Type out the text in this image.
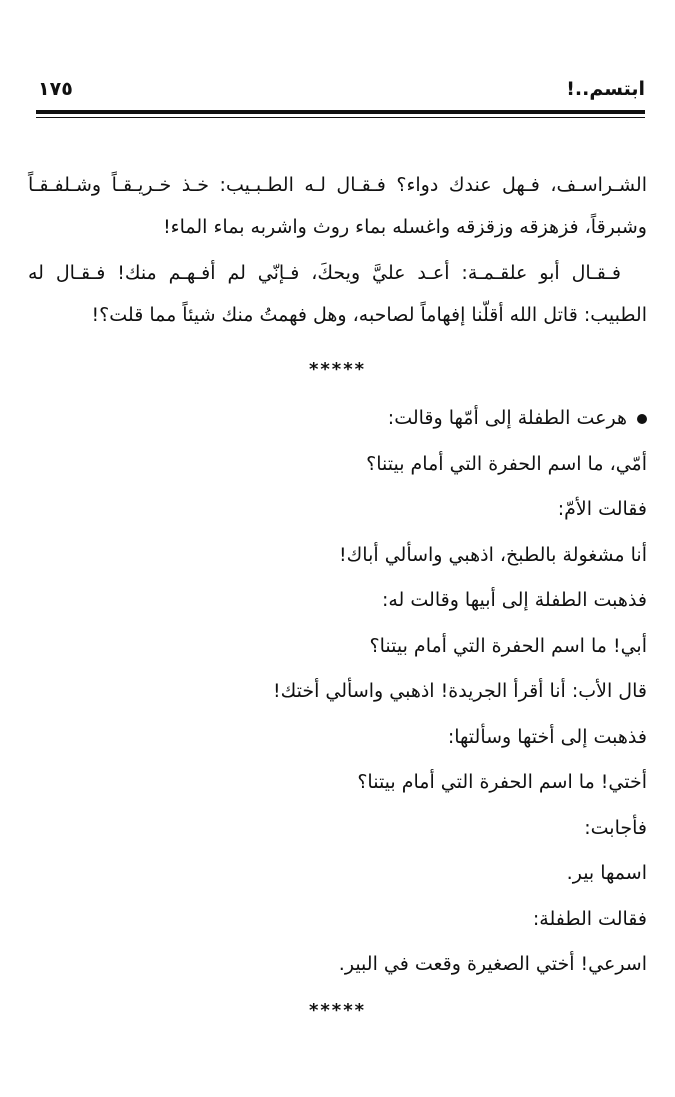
ابتسم..!
١٧٥

الشـراسـف، فـهل عندك دواء؟ فـقـال لـه الطـبـيب: خـذ خـريـقـاً وشـلفـقـاً وشبرقاً، فزهزقه وزقزقه واغسله بماء روث واشربه بماء الماء!

فـقـال أبو علقـمـة: أعـد عليَّ ويحكَ، فـإنّي لم أفـهـم منك! فـقـال له الطبيب: قاتل الله أقلّنا إفهاماً لصاحبه، وهل فهمتُ منك شيئاً مما قلت؟!

*****

هرعت الطفلة إلى أمّها وقالت:

أمّي، ما اسم الحفرة التي أمام بيتنا؟

فقالت الأمّ:

أنا مشغولة بالطبخ، اذهبي واسألي أباك!

فذهبت الطفلة إلى أبيها وقالت له:

أبي! ما اسم الحفرة التي أمام بيتنا؟

قال الأب: أنا أقرأ الجريدة! اذهبي واسألي أختك!

فذهبت إلى أختها وسألتها:

أختي! ما اسم الحفرة التي أمام بيتنا؟

فأجابت:

اسمها بير.

فقالت الطفلة:

اسرعي! أختي الصغيرة وقعت في البير.

*****
